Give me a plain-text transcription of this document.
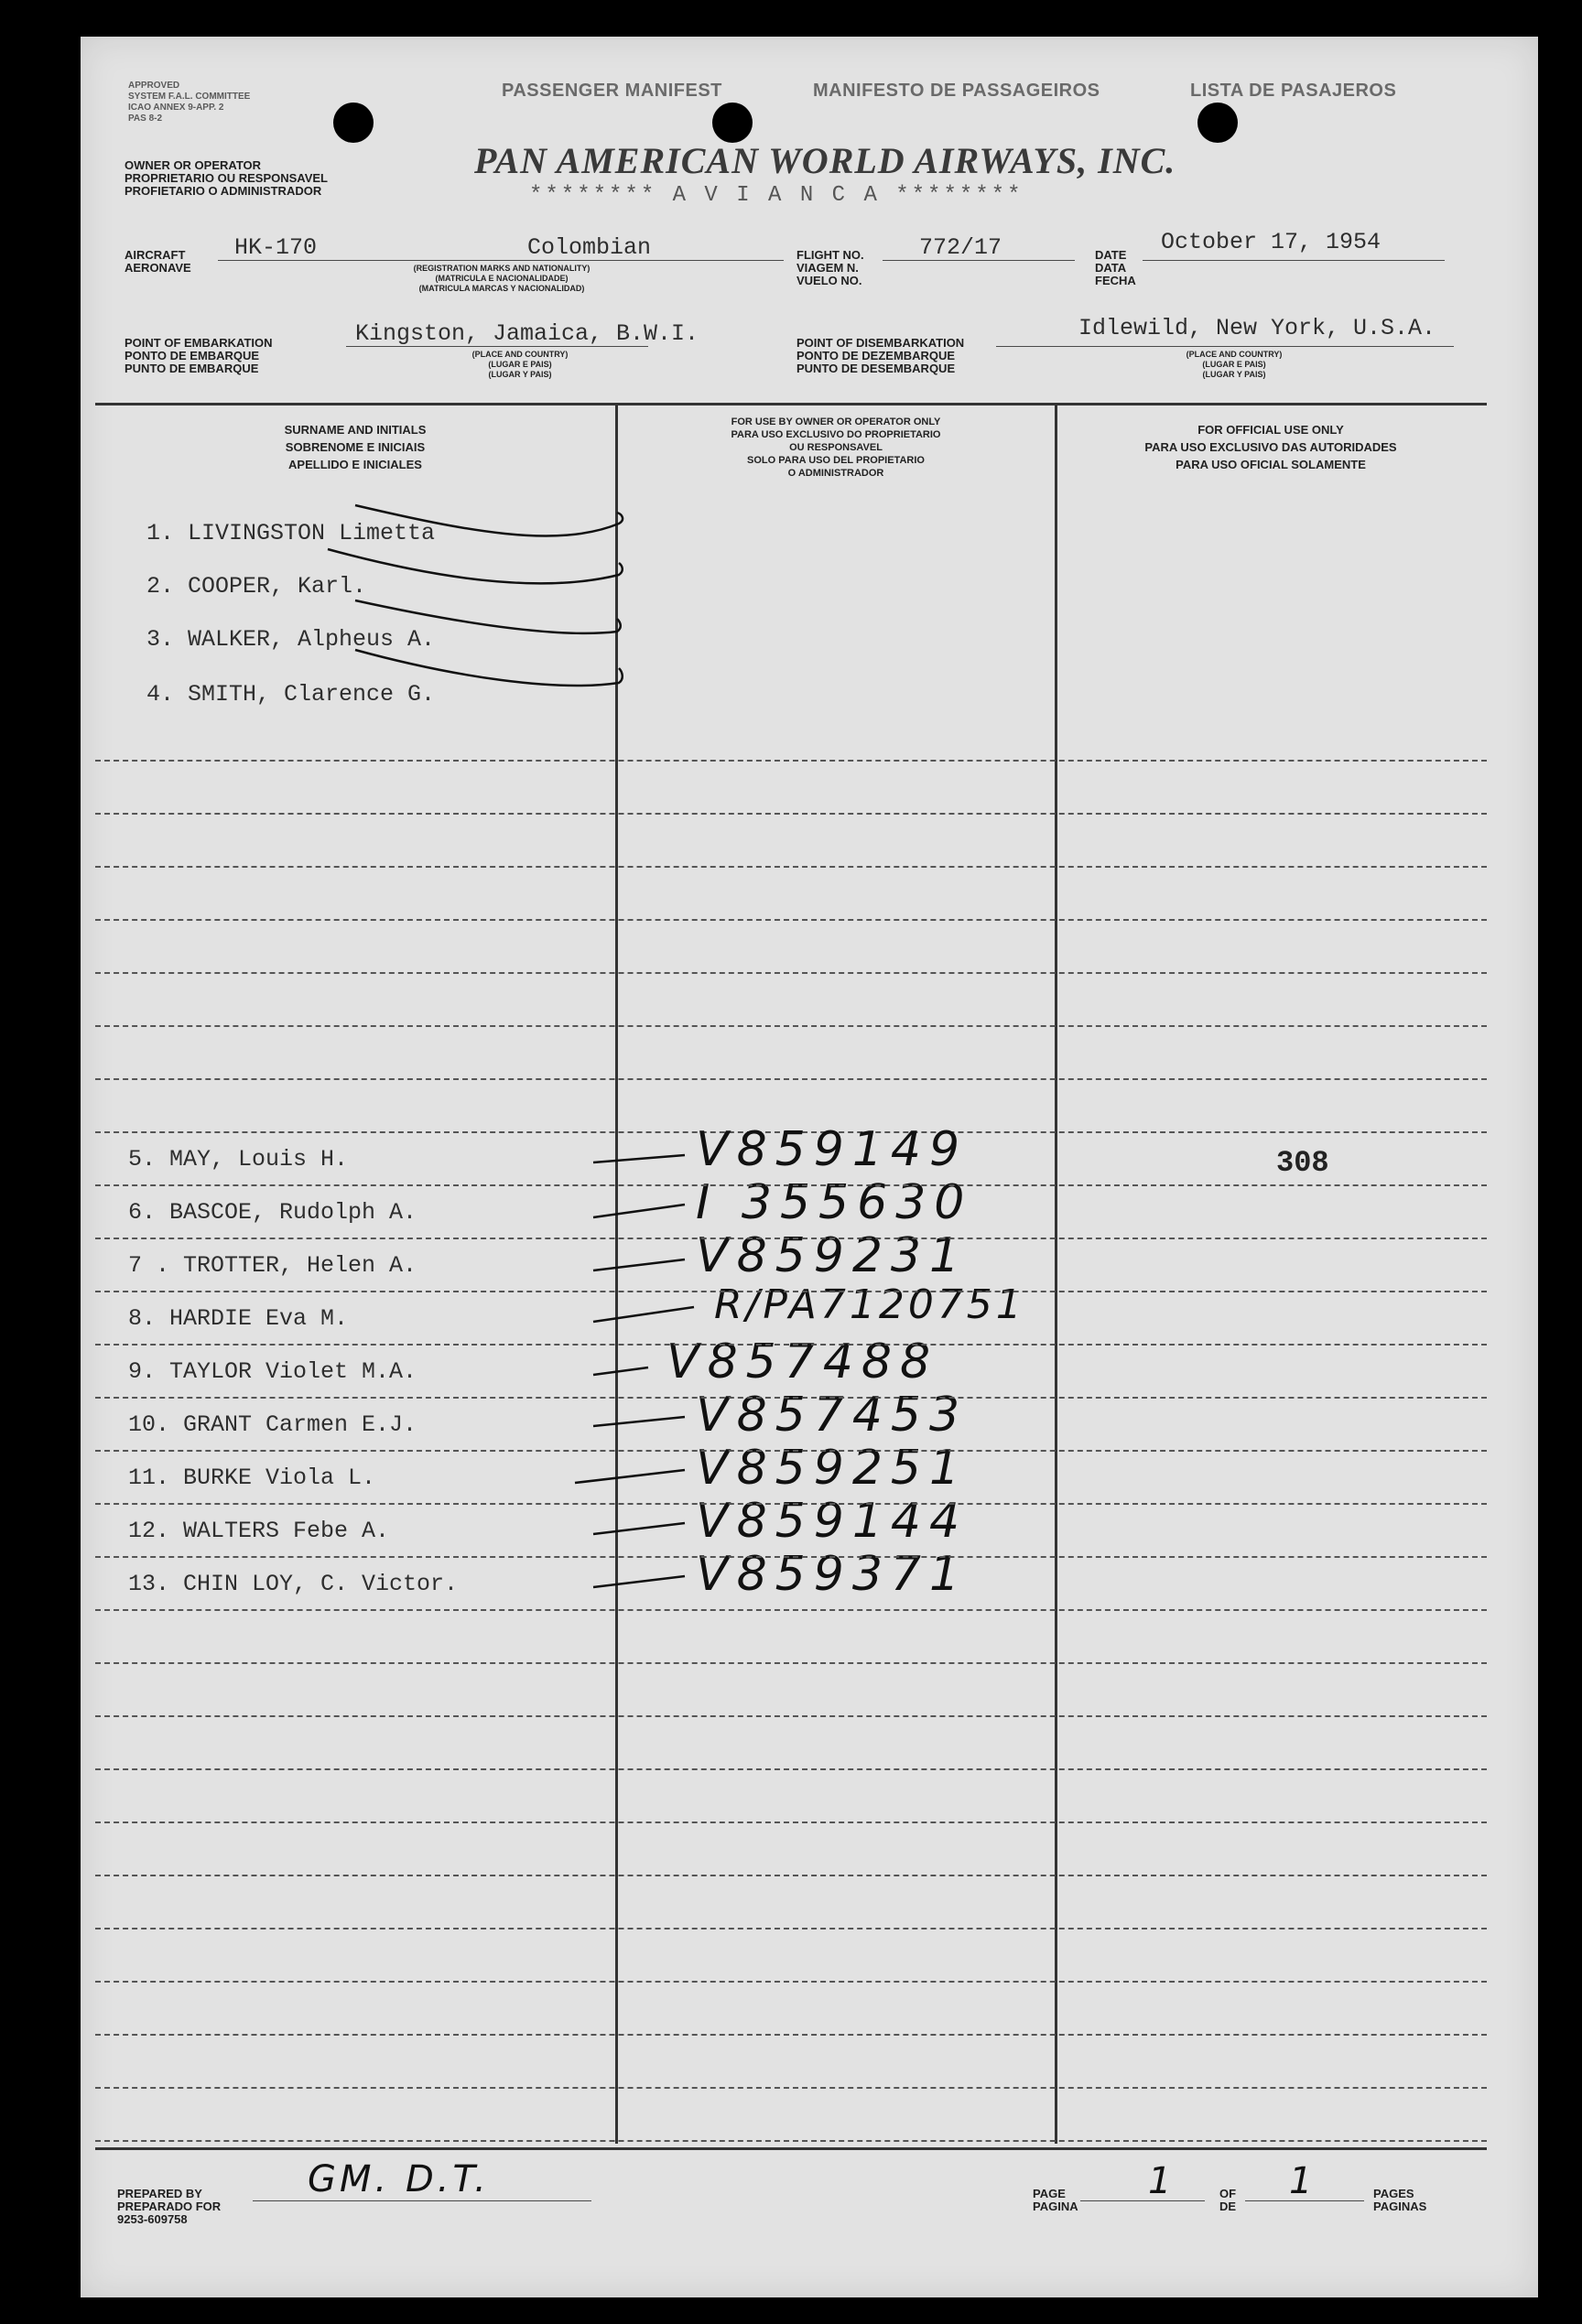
APPROVED
SYSTEM F.A.L. COMMITTEE
ICAO ANNEX 9-APP. 2
PAS 8-2
PASSENGER MANIFEST	MANIFESTO DE PASSAGEIROS	LISTA DE PASAJEROS
OWNER OR OPERATOR
PROPRIETARIO OU RESPONSAVEL
PROFIETARIO O ADMINISTRADOR
PAN AMERICAN WORLD AIRWAYS, INC.
******** A V I A N C A ********
AIRCRAFT
AERONAVE
HK-170	Colombian
(REGISTRATION MARKS AND NATIONALITY)
(MATRICULA E NACIONALIDADE)
(MATRICULA MARCAS Y NACIONALIDAD)
FLIGHT NO.
VIAGEM N.
VUELO NO.
772/17	DATE
DATA
FECHA
October 17, 1954
POINT OF EMBARKATION
PONTO DE EMBARQUE
PUNTO DE EMBARQUE
Kingston, Jamaica, B.W.I.
(PLACE AND COUNTRY)
(LUGAR E PAIS)
(LUGAR Y PAIS)
POINT OF DISEMBARKATION
PONTO DE DEZEMBARQUE
PUNTO DE DESEMBARQUE
Idlewild, New York, U.S.A.
(PLACE AND COUNTRY)
(LUGAR E PAIS)
(LUGAR Y PAIS)
SURNAME AND INITIALS
SOBRENOME E INICIAIS
APELLIDO E INICIALES
FOR USE BY OWNER OR OPERATOR ONLY
PARA USO EXCLUSIVO DO PROPRIETARIO
OU RESPONSAVEL
SOLO PARA USO DEL PROPIETARIO
O ADMINISTRADOR
FOR OFFICIAL USE ONLY
PARA USO EXCLUSIVO DAS AUTORIDADES
PARA USO OFICIAL SOLAMENTE
1. LIVINGSTON Limetta
2. COOPER, Karl.
3. WALKER, Alpheus A.
4. SMITH, Clarence G.
5. MAY, Louis H.	V859149	308
6. BASCOE, Rudolph A.	I 355630
7 . TROTTER, Helen A.	V859231
8. HARDIE Eva M.	R/PA7120751
9. TAYLOR Violet M.A.	V857488
10. GRANT Carmen E.J.	V857453
11. BURKE Viola L.	V859251
12. WALTERS Febe A.	V859144
13. CHIN LOY, C. Victor.	V859371
PREPARED BY
PREPARADO FOR
9253-609758
GM. D.T.	PAGE
PAGINA
1	OF
DE
1	PAGES
PAGINAS
